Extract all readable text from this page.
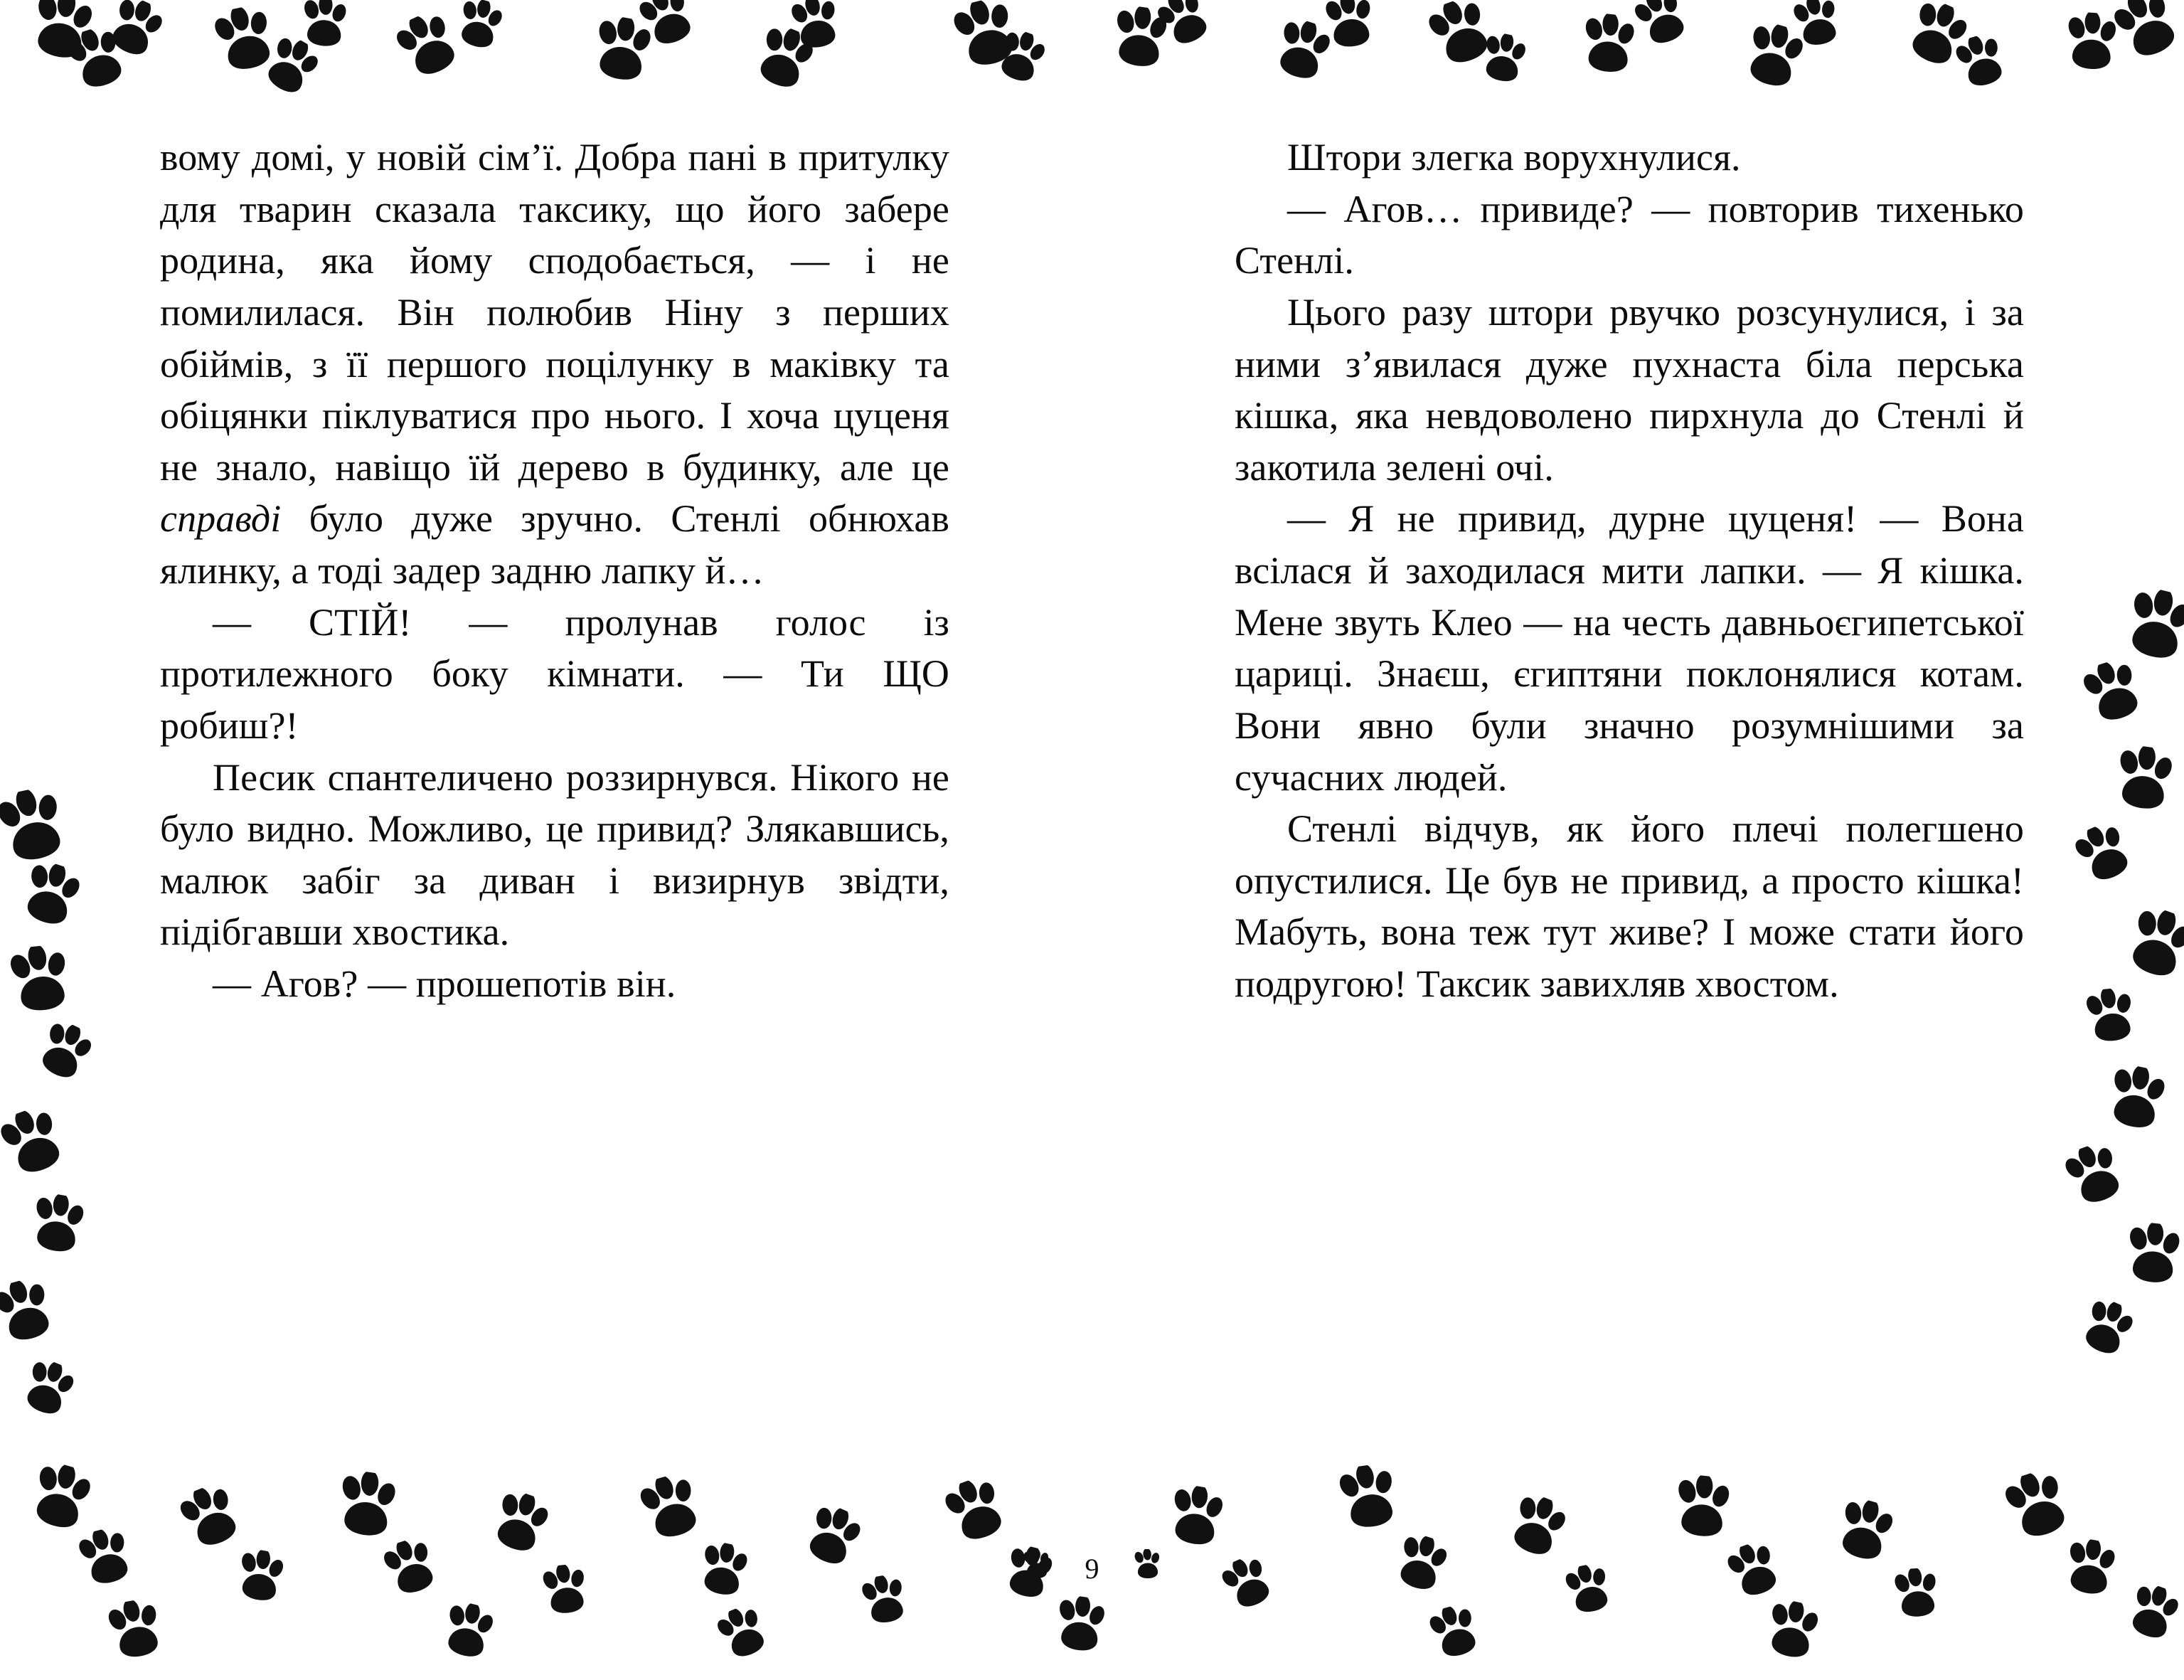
вому домі, у новій сім’ї. Добра пані в притулку для тварин сказала таксику, що його забере родина, яка йому сподобається, — і не помилилася. Він полюбив Ніну з перших обіймів, з її першого поцілунку в маківку та обіцянки піклуватися про нього. І хоча цуценя не знало, навіщо їй дерево в будинку, але це справді було дуже зручно. Стенлі обнюхав ялинку, а тоді задер задню лапку й…

— СТІЙ! — пролунав голос із протилежного боку кімнати. — Ти ЩО робиш?!

Песик спантеличено роззирнувся. Нікого не було видно. Можливо, це привид? Злякавшись, малюк забіг за диван і визирнув звідти, підібгавши хвостика.

— Агов? — прошепотів він.

Штори злегка ворухнулися.

— Агов… привиде? — повторив тихенько Стенлі.

Цього разу штори рвучко розсунулися, і за ними з’явилася дуже пухнаста біла перська кішка, яка невдоволено пирхнула до Стенлі й закотила зелені очі.

— Я не привид, дурне цуценя! — Вона всілася й заходилася мити лапки. — Я кішка. Мене звуть Клео — на честь давньоєгипетської цариці. Знаєш, єгиптяни поклонялися котам. Вони явно були значно розумнішими за сучасних людей.

Стенлі відчув, як його плечі полегшено опустилися. Це був не привид, а просто кішка! Мабуть, вона теж тут живе? І може стати його подругою! Таксик завихляв хвостом.

9
